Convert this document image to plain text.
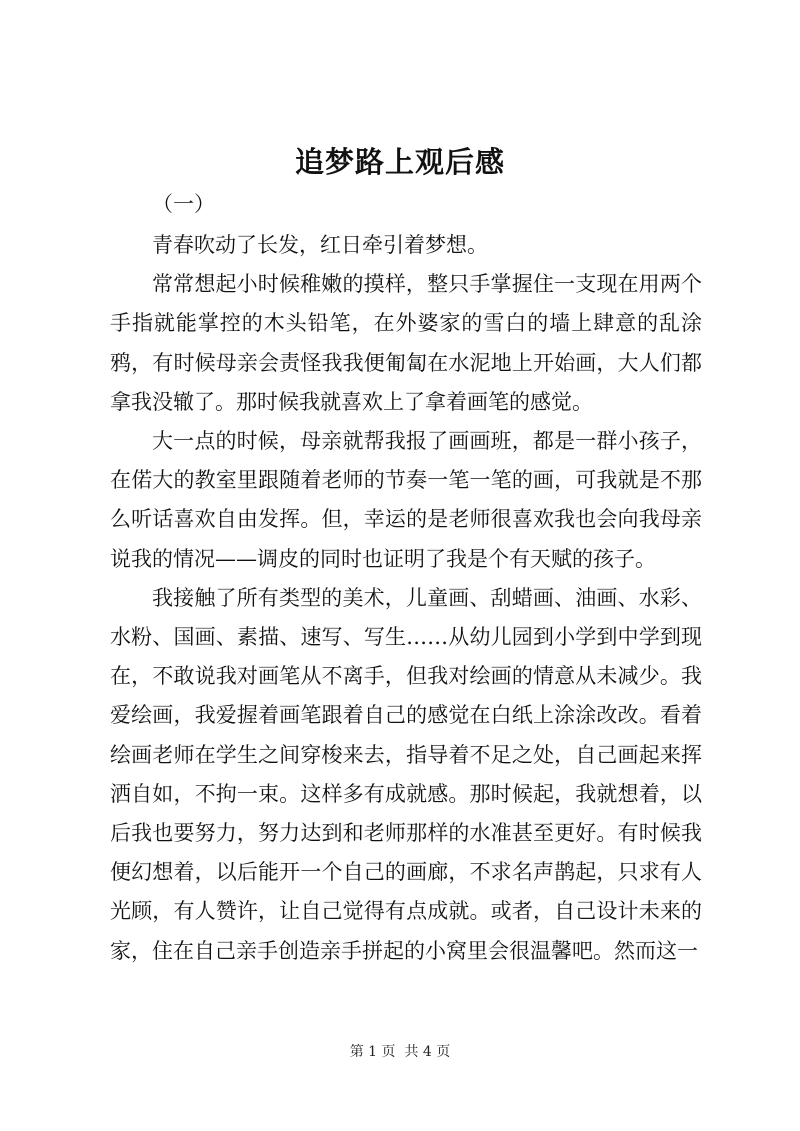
追梦路上观后感

（一）

青春吹动了长发，红日牵引着梦想。

常常想起小时候稚嫩的摸样，整只手掌握住一支现在用两个手指就能掌控的木头铅笔，在外婆家的雪白的墙上肆意的乱涂鸦，有时候母亲会责怪我我便匍匐在水泥地上开始画，大人们都拿我没辙了。那时候我就喜欢上了拿着画笔的感觉。

大一点的时候，母亲就帮我报了画画班，都是一群小孩子，在偌大的教室里跟随着老师的节奏一笔一笔的画，可我就是不那么听话喜欢自由发挥。但，幸运的是老师很喜欢我也会向我母亲说我的情况——调皮的同时也证明了我是个有天赋的孩子。

我接触了所有类型的美术，儿童画、刮蜡画、油画、水彩、水粉、国画、素描、速写、写生……从幼儿园到小学到中学到现在，不敢说我对画笔从不离手，但我对绘画的情意从未减少。我爱绘画，我爱握着画笔跟着自己的感觉在白纸上涂涂改改。看着绘画老师在学生之间穿梭来去，指导着不足之处，自己画起来挥洒自如，不拘一束。这样多有成就感。那时候起，我就想着，以后我也要努力，努力达到和老师那样的水准甚至更好。有时候我便幻想着，以后能开一个自己的画廊，不求名声鹊起，只求有人光顾，有人赞许，让自己觉得有点成就。或者，自己设计未来的家，住在自己亲手创造亲手拼起的小窝里会很温馨吧。然而这一

第 1 页  共 4 页
